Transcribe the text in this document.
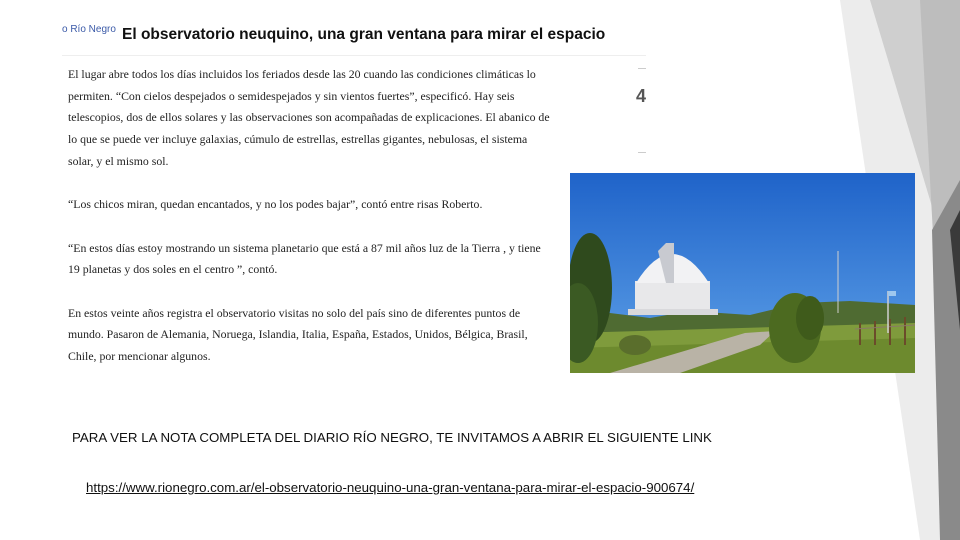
o Río Negro El observatorio neuquino, una gran ventana para mirar el espacio

El lugar abre todos los días incluidos los feriados desde las 20 cuando las condiciones climáticas lo permiten. “Con cielos despejados o semidespejados y sin vientos fuertes”, especificó. Hay seis telescopios, dos de ellos solares y las observaciones son acompañadas de explicaciones. El abanico de lo que se puede ver incluye galaxias, cúmulo de estrellas, estrellas gigantes, nebulosas, el sistema solar, y el mismo sol.

“Los chicos miran, quedan encantados, y no los podes bajar”, contó entre risas Roberto.

“En estos días estoy mostrando un sistema planetario que está a 87 mil años luz de la Tierra , y tiene 19 planetas y dos soles en el centro ”, contó.

En estos veinte años registra el observatorio visitas no solo del país sino de diferentes puntos de mundo. Pasaron de Alemania, Noruega, Islandia, Italia, España, Estados, Unidos, Bélgica, Brasil, Chile, por mencionar algunos.

4
PARA VER LA NOTA COMPLETA DEL DIARIO RÍO NEGRO, TE INVITAMOS A ABRIR EL SIGUIENTE LINK
https://www.rionegro.com.ar/el-observatorio-neuquino-una-gran-ventana-para-mirar-el-espacio-900674/
